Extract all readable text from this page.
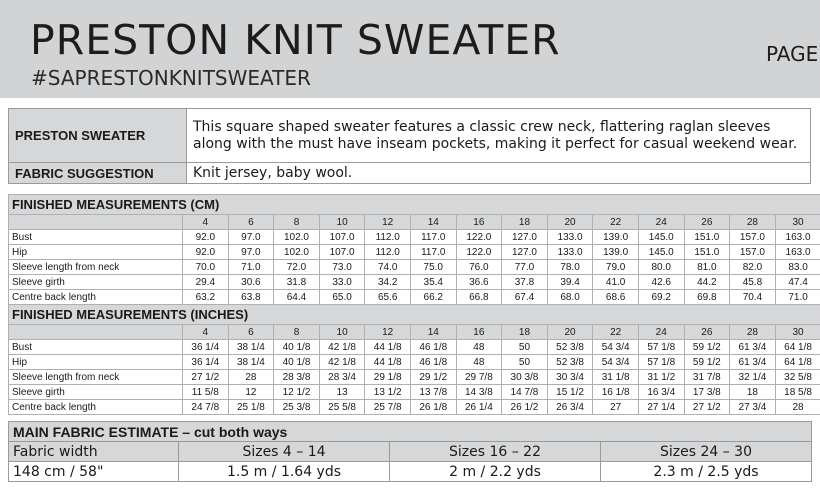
PRESTON KNIT SWEATER
#SAPRESTONKNITSWEATER
PAGE
PRESTON SWEATER	This square shaped sweater features a classic crew neck, flattering raglan sleeves along with the must have inseam pockets, making it perfect for casual weekend wear.
FABRIC SUGGESTION	Knit jersey, baby wool.
FINISHED MEASUREMENTS (CM)														
	4	6	8	10	12	14	16	18	20	22	24	26	28	30
Bust	92.0	97.0	102.0	107.0	112.0	117.0	122.0	127.0	133.0	139.0	145.0	151.0	157.0	163.0
Hip	92.0	97.0	102.0	107.0	112.0	117.0	122.0	127.0	133.0	139.0	145.0	151.0	157.0	163.0
Sleeve length from neck	70.0	71.0	72.0	73.0	74.0	75.0	76.0	77.0	78.0	79.0	80.0	81.0	82.0	83.0
Sleeve girth	29.4	30.6	31.8	33.0	34.2	35.4	36.6	37.8	39.4	41.0	42.6	44.2	45.8	47.4
Centre back length	63.2	63.8	64.4	65.0	65.6	66.2	66.8	67.4	68.0	68.6	69.2	69.8	70.4	71.0
FINISHED MEASUREMENTS (INCHES)														
	4	6	8	10	12	14	16	18	20	22	24	26	28	30
Bust	36 1/4	38 1/4	40 1/8	42 1/8	44 1/8	46 1/8	48	50	52 3/8	54 3/4	57 1/8	59 1/2	61 3/4	64 1/8
Hip	36 1/4	38 1/4	40 1/8	42 1/8	44 1/8	46 1/8	48	50	52 3/8	54 3/4	57 1/8	59 1/2	61 3/4	64 1/8
Sleeve length from neck	27 1/2	28	28 3/8	28 3/4	29 1/8	29 1/2	29 7/8	30 3/8	30 3/4	31 1/8	31 1/2	31 7/8	32 1/4	32 5/8
Sleeve girth	11 5/8	12	12 1/2	13	13 1/2	13 7/8	14 3/8	14 7/8	15 1/2	16 1/8	16 3/4	17 3/8	18	18 5/8
Centre back length	24 7/8	25 1/8	25 3/8	25 5/8	25 7/8	26 1/8	26 1/4	26 1/2	26 3/4	27	27 1/4	27 1/2	27 3/4	28
MAIN FABRIC ESTIMATE – cut both ways			
Fabric width	Sizes 4 – 14	Sizes 16 – 22	Sizes 24 – 30
148 cm / 58"	1.5 m / 1.64 yds	2 m / 2.2 yds	2.3 m / 2.5 yds
